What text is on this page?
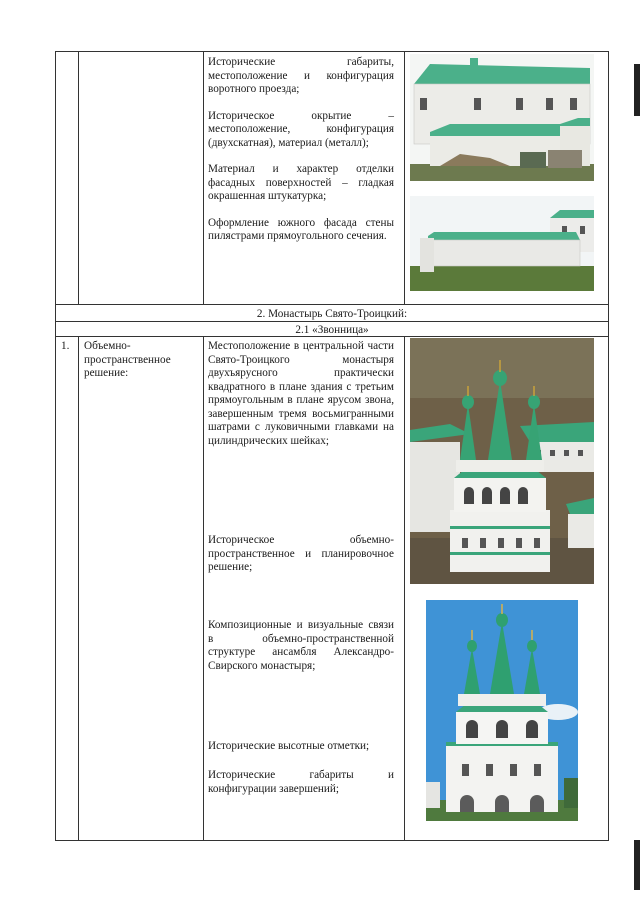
Исторические габариты, местоположение и конфигурация воротного проезда;

Историческое окрытие – местоположение, конфигурация (двухскатная), материал (металл);

Материал и характер отделки фасадных поверхностей – гладкая окрашенная штукатурка;

Оформление южного фасада стены пилястрами прямоугольного сечения.

2. Монастырь Свято-Троицкий:
2.1 «Звонница»
1.	Объемно-пространственное решение:

Местоположение в центральной части Свято-Троицкого монастыря двухъярусного практически квадратного в плане здания с третьим прямоугольным в плане ярусом звона, завершенным тремя восьмигранными шатрами с луковичными главками на цилиндрических шейках;

Историческое объемно-пространственное и планировочное решение;
Композиционные и визуальные связи в объемно-пространственной структуре ансамбля Александро-Свирского монастыря;
Исторические высотные отметки;
Исторические габариты и конфигурации завершений;
